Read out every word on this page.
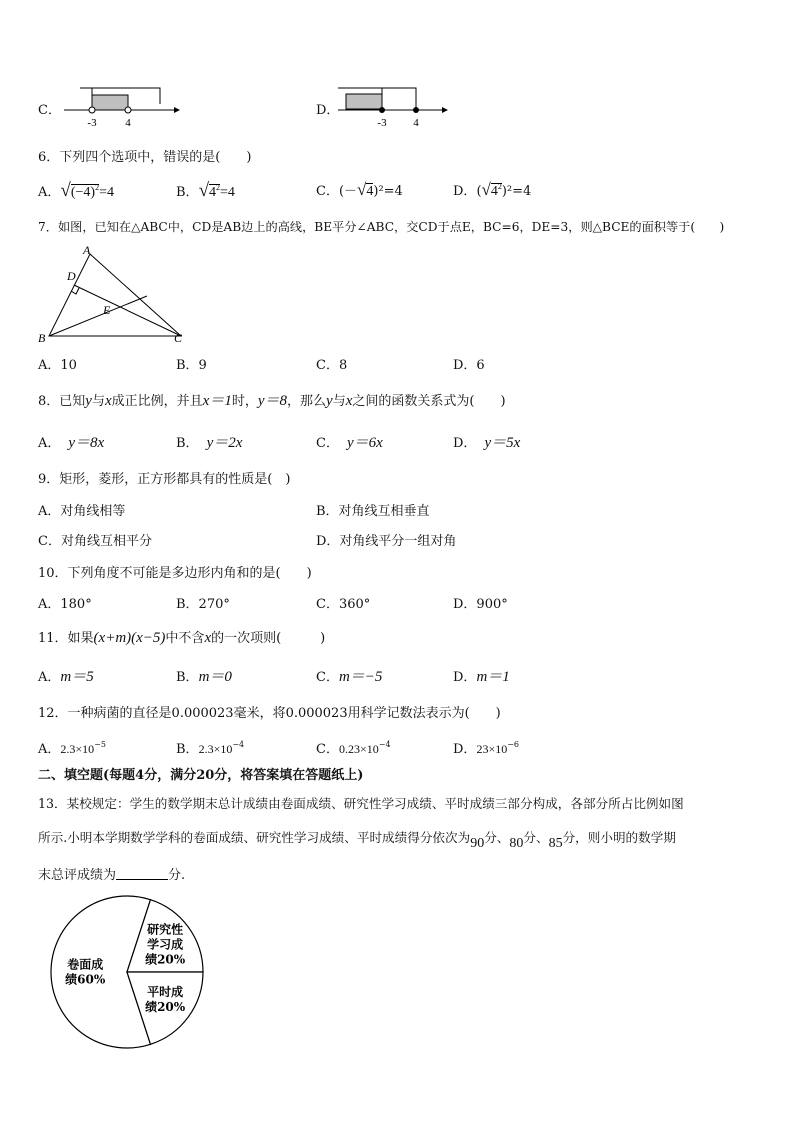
C．
-3	4
D．
-3 4
6．下列四个选项中，错误的是(　　)
A．$√(-4)^2=4$	B．$√4^2=4$	C．(－√4)²=4	D．$(√4^2)^2=4$
7．如图，已知在△ABC中，CD是AB边上的高线，BE平分∠ABC，交CD于点E，BC=6，DE=3，则△BCE的面积等于(　　)
A
D
E
B	C
A．10	B．9	C．8	D．6
8．已知y与x成正比例，并且x＝1时，y＝8，那么y与x之间的函数关系式为(　　)
A． y＝8x	B． y＝2x	C． y＝6x	D． y＝5x
9．矩形，菱形，正方形都具有的性质是(　)
A．对角线相等	B．对角线互相垂直
C．对角线互相平分	D．对角线平分一组对角
10．下列角度不可能是多边形内角和的是(　　)
A．180°	B．270°	C．360°	D．900°
11．如果(x+m)(x−5)中不含x的一次项则(　　　)
A．m＝5	B．m＝0	C．m＝−5	D．m＝1
12．一种病菌的直径是0.000023毫米，将0.000023用科学记数法表示为(　　)
A．$2.3\times 10^{-5}$	B．$2.3\times 10^{-4}$	C．$0.23\times 10^{-4}$	D．$23\times 10^{-6}$
二、填空题(每题4分，满分20分，将答案填在答题纸上)
13．某校规定：学生的数学期末总计成绩由卷面成绩、研究性学习成绩、平时成绩三部分构成，各部分所占比例如图
所示.小明本学期数学学科的卷面成绩、研究性学习成绩、平时成绩得分依次为90分、80分、85分，则小明的数学期
末总评成绩为	分.
卷面成
绩60%
研究性
学习成
绩20%
平时成
绩20%
